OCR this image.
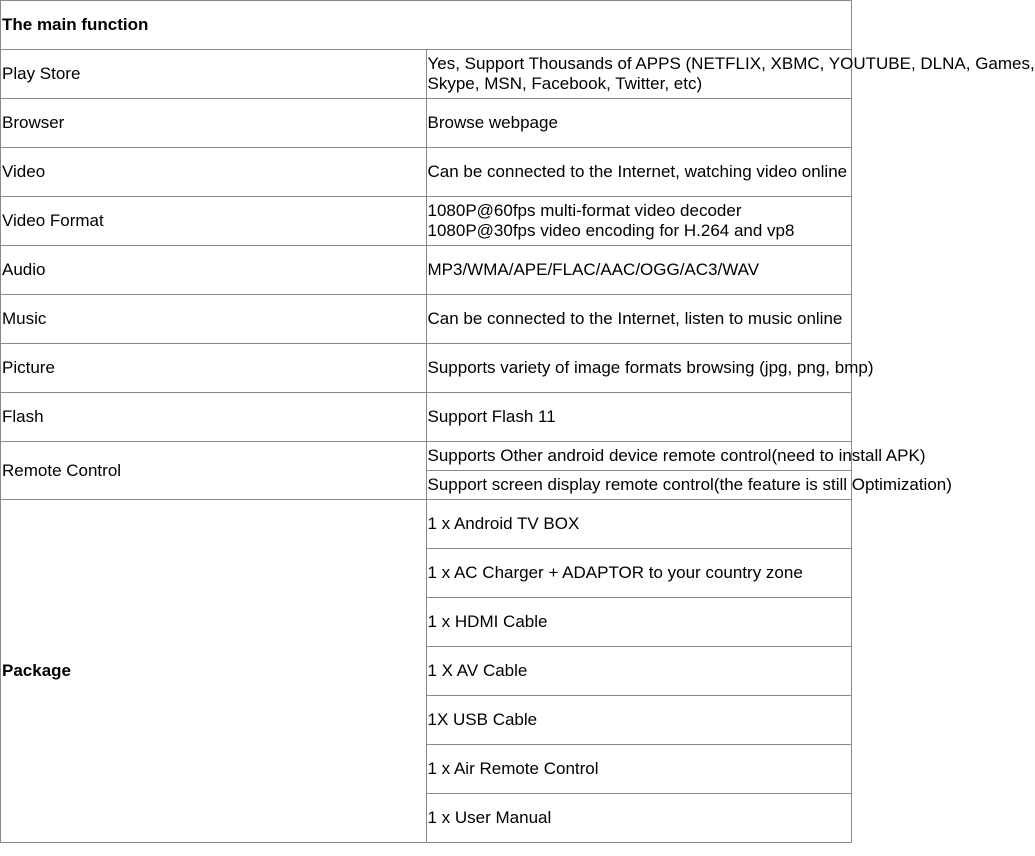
The main function	
Play Store	Yes, Support Thousands of APPS (NETFLIX, XBMC, YOUTUBE, DLNA, Games,
Skype, MSN, Facebook, Twitter, etc)

Browser	Browse webpage
Video	Can be connected to the Internet, watching video online
Video Format	1080P@60fps multi-format video decoder
1080P@30fps video encoding for H.264 and vp8

Audio	MP3/WMA/APE/FLAC/AAC/OGG/AC3/WAV
Music	Can be connected to the Internet, listen to music online
Picture	Supports variety of image formats browsing (jpg, png, bmp)
Flash	Support Flash 11
Remote Control	Supports Other android device remote control(need to install APK)
	Support screen display remote control(the feature is still Optimization)
Package	1 x Android TV BOX
	1 x AC Charger + ADAPTOR to your country zone
	1 x HDMI Cable
	1 X AV Cable
	1X USB Cable
	1 x Air Remote Control
	1 x User Manual
